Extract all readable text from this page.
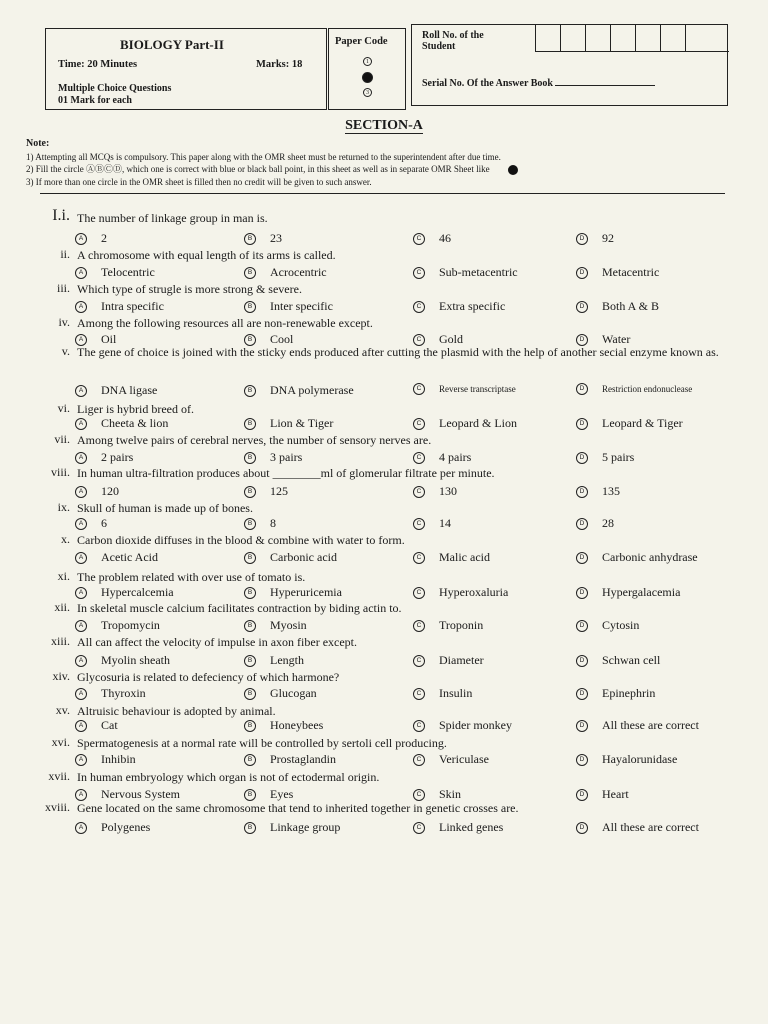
BIOLOGY Part-II
Time: 20 Minutes	Marks: 18
Multiple Choice Questions
01 Mark for each
Paper Code
1
3
Roll No. of the
Student
Serial No. Of the Answer Book
SECTION-A
Note:
1) Attempting all MCQs is compulsory. This paper along with the OMR sheet must be returned to the superintendent after due time.
2) Fill the circle ⒶⒷⒸⒹ, which one is correct with blue or black ball point, in this sheet as well as in separate OMR Sheet like
3) If more than one circle in the OMR sheet is filled then no credit will be given to such answer.
I.i. The number of linkage group in man is.
A	2	B	23	C	46	D	92
ii. A chromosome with equal length of its arms is called.
A	Telocentric	B	Acrocentric	C	Sub-metacentric	D	Metacentric
iii. Which type of strugle is more strong & severe.
A	Intra specific	B	Inter specific	C	Extra specific	D	Both A & B
iv. Among the following resources all are non-renewable except.
A	Oil	B	Cool	C	Gold	D	Water
v. The gene of choice is joined with the sticky ends produced after cutting the plasmid with the help of another secial enzyme known as.
A	DNA ligase	B	DNA polymerase	C	Reverse transcriptase	D	Restriction endonuclease
vi. Liger is hybrid breed of.
A	Cheeta & lion	B	Lion & Tiger	C	Leopard & Lion	D	Leopard & Tiger
vii. Among twelve pairs of cerebral nerves, the number of sensory nerves are.
A	2 pairs	B	3 pairs	C	4 pairs	D	5 pairs
viii. In human ultra-filtration produces about ________ml of glomerular filtrate per minute.
A	120	B	125	C	130	D	135
ix. Skull of human is made up of bones.
A	6	B	8	C	14	D	28
x. Carbon dioxide diffuses in the blood & combine with water to form.
A	Acetic Acid	B	Carbonic acid	C	Malic acid	D	Carbonic anhydrase
xi. The problem related with over use of tomato is.
A	Hypercalcemia	B	Hyperuricemia	C	Hyperoxaluria	D	Hypergalacemia
xii. In skeletal muscle calcium facilitates contraction by biding actin to.
A	Tropomycin	B	Myosin	C	Troponin	D	Cytosin
xiii. All can affect the velocity of impulse in axon fiber except.
A	Myolin sheath	B	Length	C	Diameter	D	Schwan cell
xiv. Glycosuria is related to defeciency of which harmone?
A	Thyroxin	B	Glucogan	C	Insulin	D	Epinephrin
xv. Altruisic behaviour is adopted by animal.
A	Cat	B	Honeybees	C	Spider monkey	D	All these are correct
xvi. Spermatogenesis at a normal rate will be controlled by sertoli cell producing.
A	Inhibin	B	Prostaglandin	C	Vericulase	D	Hayalorunidase
xvii. In human embryology which organ is not of ectodermal origin.
A	Nervous System	B	Eyes	C	Skin	D	Heart
xviii. Gene located on the same chromosome that tend to inherited together in genetic crosses are.
A	Polygenes	B	Linkage group	C	Linked genes	D	All these are correct
